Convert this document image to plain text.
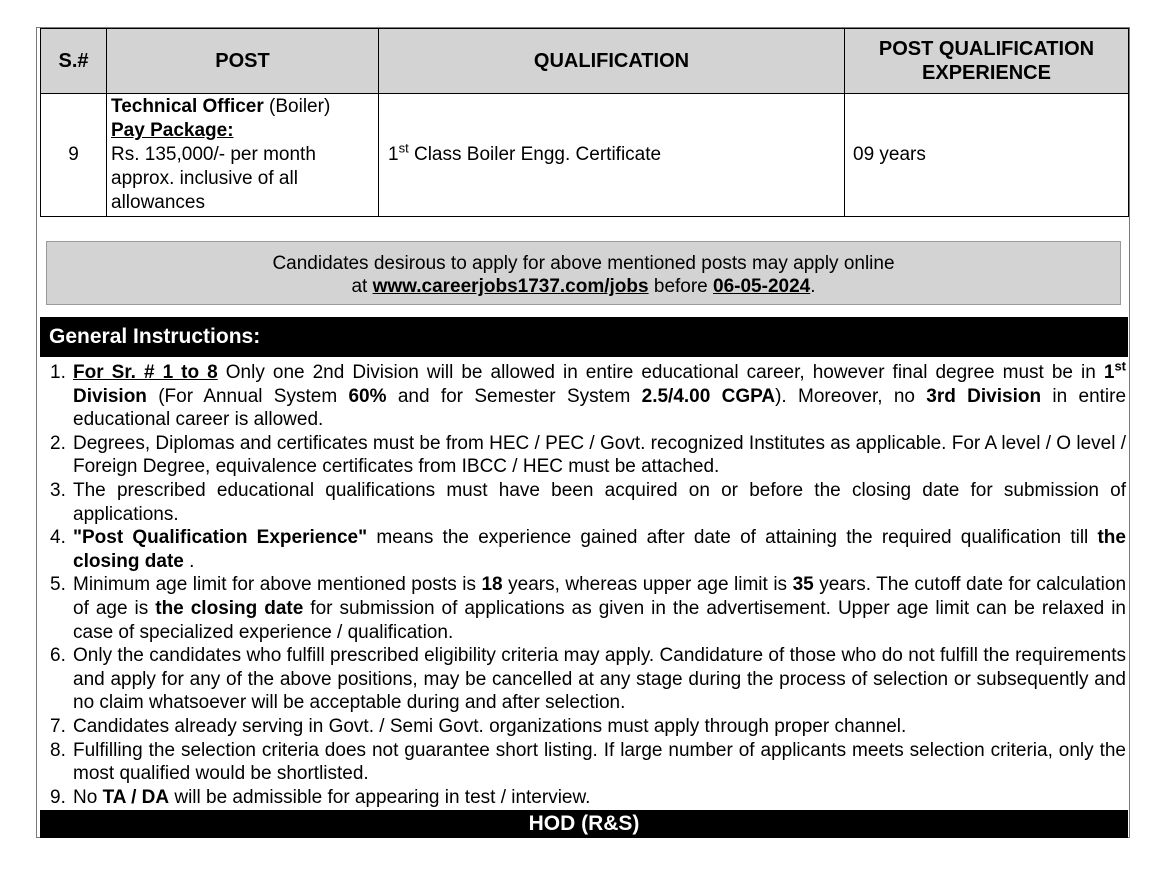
S.#	POST	QUALIFICATION	POST QUALIFICATION
EXPERIENCE
9	Technical Officer (Boiler)
Pay Package:
Rs. 135,000/- per month
approx. inclusive of all
allowances	1st Class Boiler Engg. Certificate	09 years
Candidates desirous to apply for above mentioned posts may apply online
at www.careerjobs1737.com/jobs before 06-05-2024.
General Instructions:
1. For Sr. # 1 to 8 Only one 2nd Division will be allowed in entire educational career, however final degree must be in 1st Division (For Annual System 60% and for Semester System 2.5/4.00 CGPA). Moreover, no 3rd Division in entire educational career is allowed.
2. Degrees, Diplomas and certificates must be from HEC / PEC / Govt. recognized Institutes as applicable. For A level / O level / Foreign Degree, equivalence certificates from IBCC / HEC must be attached.
3. The prescribed educational qualifications must have been acquired on or before the closing date for submission of applications.
4. "Post Qualification Experience" means the experience gained after date of attaining the required qualification till the closing date .
5. Minimum age limit for above mentioned posts is 18 years, whereas upper age limit is 35 years. The cutoff date for calculation of age is the closing date for submission of applications as given in the advertisement. Upper age limit can be relaxed in case of specialized experience / qualification.
6. Only the candidates who fulfill prescribed eligibility criteria may apply. Candidature of those who do not fulfill the requirements and apply for any of the above positions, may be cancelled at any stage during the process of selection or subsequently and no claim whatsoever will be acceptable during and after selection.
7. Candidates already serving in Govt. / Semi Govt. organizations must apply through proper channel.
8. Fulfilling the selection criteria does not guarantee short listing. If large number of applicants meets selection criteria, only the most qualified would be shortlisted.
9. No TA / DA will be admissible for appearing in test / interview.
HOD (R&S)
